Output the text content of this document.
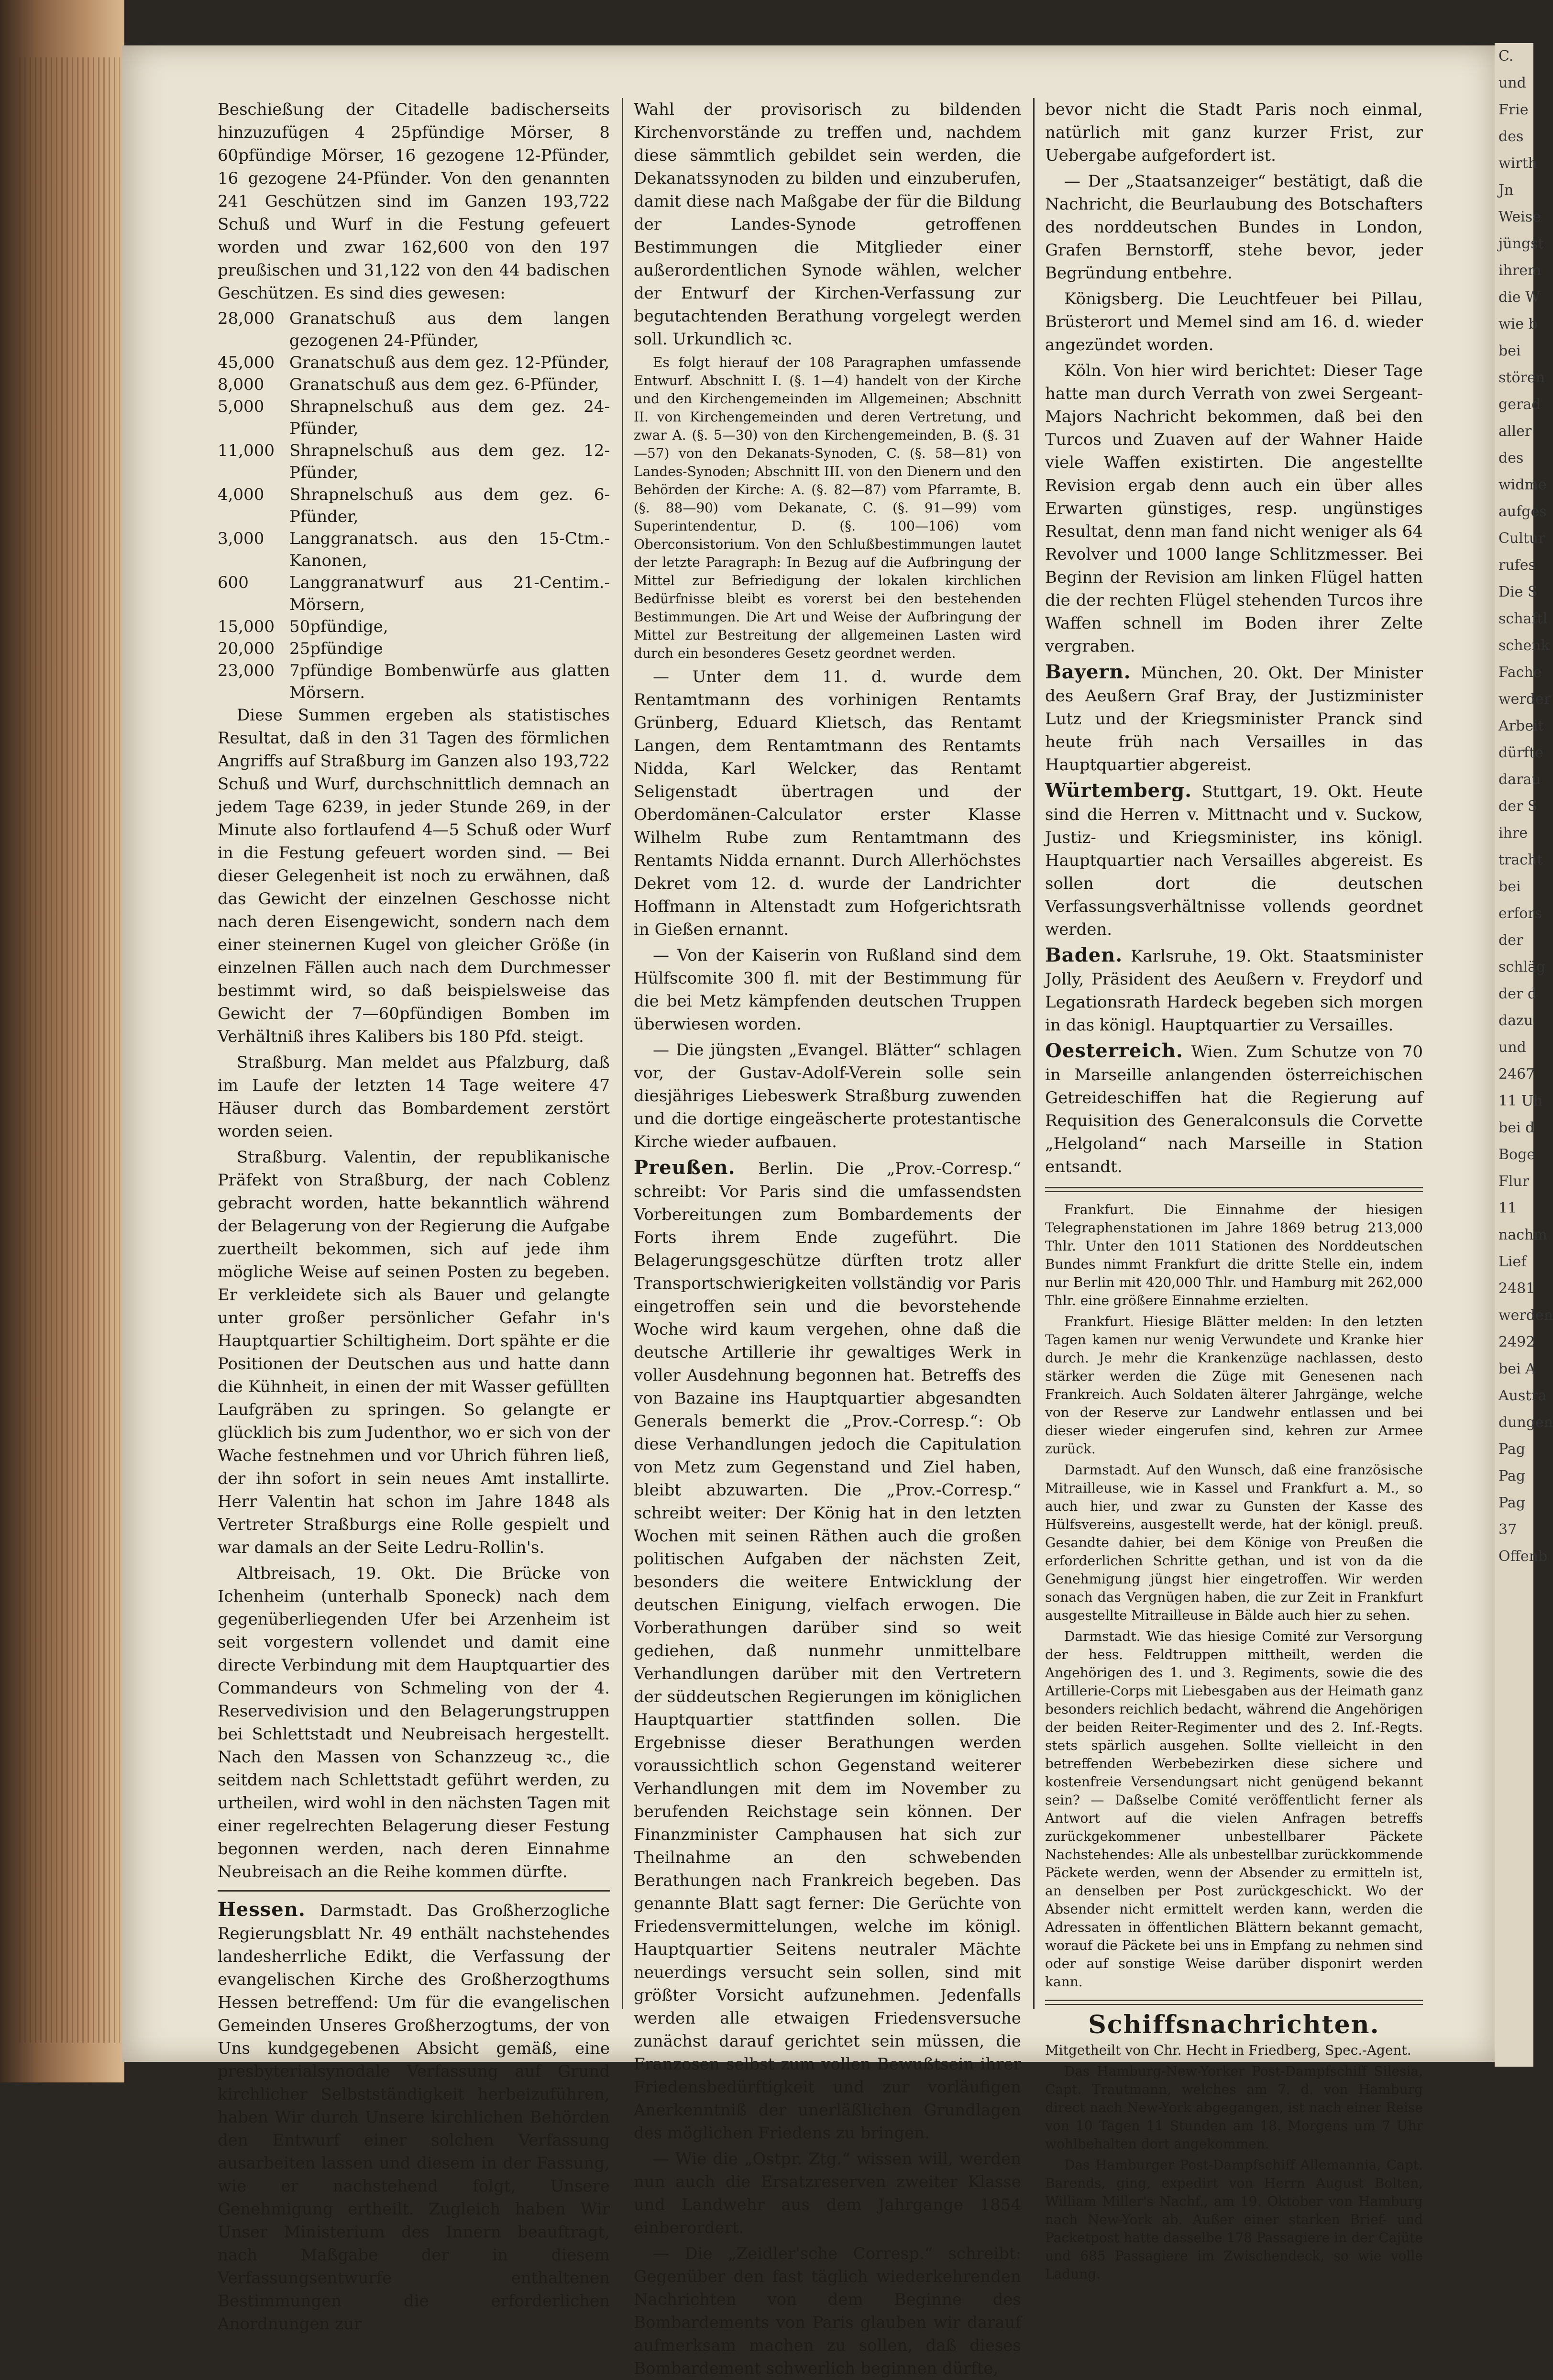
Beschießung der Citadelle badischerseits hinzuzufügen 4 25pfündige Mörser, 8 60pfündige Mörser, 16 gezogene 12-Pfünder, 16 gezogene 24-Pfünder. Von den genannten 241 Geschützen sind im Ganzen 193,722 Schuß und Wurf in die Festung gefeuert worden und zwar 162,600 von den 197 preußischen und 31,122 von den 44 badischen Geschützen. Es sind dies gewesen:

28,000 Granatschuß aus dem langen gezogenen 24-Pfünder,
45,000 Granatschuß aus dem gez. 12-Pfünder,
8,000	Granatschuß aus dem gez. 6-Pfünder,
5,000	Shrapnelschuß aus dem gez. 24-Pfünder,
11,000 Shrapnelschuß aus dem gez. 12-Pfünder,
4,000	Shrapnelschuß aus dem gez. 6-Pfünder,
3,000	Langgranatsch. aus den 15-Ctm.-Kanonen,
600	Langgranatwurf aus 21-Centim.-Mörsern,
15,000 50pfündige,
20,000 25pfündige
23,000 7pfündige Bombenwürfe aus glatten Mörsern.

Diese Summen ergeben als statistisches Resultat, daß in den 31 Tagen des förmlichen Angriffs auf Straßburg im Ganzen also 193,722 Schuß und Wurf, durchschnittlich demnach an jedem Tage 6239, in jeder Stunde 269, in der Minute also fortlaufend 4—5 Schuß oder Wurf in die Festung gefeuert worden sind. — Bei dieser Gelegenheit ist noch zu erwähnen, daß das Gewicht der einzelnen Geschosse nicht nach deren Eisengewicht, sondern nach dem einer steinernen Kugel von gleicher Größe (in einzelnen Fällen auch nach dem Durchmesser bestimmt wird, so daß beispielsweise das Gewicht der 7—60pfündigen Bomben im Verhältniß ihres Kalibers bis 180 Pfd. steigt.

Straßburg. Man meldet aus Pfalzburg, daß im Laufe der letzten 14 Tage weitere 47 Häuser durch das Bombardement zerstört worden seien.

Straßburg. Valentin, der republikanische Präfekt von Straßburg, der nach Coblenz gebracht worden, hatte bekanntlich während der Belagerung von der Regierung die Aufgabe zuertheilt bekommen, sich auf jede ihm mögliche Weise auf seinen Posten zu begeben. Er verkleidete sich als Bauer und gelangte unter großer persönlicher Gefahr in's Hauptquartier Schiltigheim. Dort spähte er die Positionen der Deutschen aus und hatte dann die Kühnheit, in einen der mit Wasser gefüllten Laufgräben zu springen. So gelangte er glücklich bis zum Judenthor, wo er sich von der Wache festnehmen und vor Uhrich führen ließ, der ihn sofort in sein neues Amt installirte. Herr Valentin hat schon im Jahre 1848 als Vertreter Straßburgs eine Rolle gespielt und war damals an der Seite Ledru-Rollin's.

Altbreisach, 19. Okt. Die Brücke von Ichenheim (unterhalb Sponeck) nach dem gegenüberliegenden Ufer bei Arzenheim ist seit vorgestern vollendet und damit eine directe Verbindung mit dem Hauptquartier des Commandeurs von Schmeling von der 4. Reservedivision und den Belagerungstruppen bei Schlettstadt und Neubreisach hergestellt. Nach den Massen von Schanzzeug ꝛc., die seitdem nach Schlettstadt geführt werden, zu urtheilen, wird wohl in den nächsten Tagen mit einer regelrechten Belagerung dieser Festung begonnen werden, nach deren Einnahme Neubreisach an die Reihe kommen dürfte.

Hessen. Darmstadt. Das Großherzogliche Regierungsblatt Nr. 49 enthält nachstehendes landesherrliche Edikt, die Verfassung der evangelischen Kirche des Großherzogthums Hessen betreffend: Um für die evangelischen Gemeinden Unseres Großherzogtums, der von Uns kundgegebenen Absicht gemäß, eine presbyterialsynodale Verfassung auf Grund kirchlicher Selbstständigkeit herbeizuführen, haben Wir durch Unsere kirchlichen Behörden den Entwurf einer solchen Verfassung ausarbeiten lassen und diesem in der Fassung, wie er nachstehend folgt, Unsere Genehmigung ertheilt. Zugleich haben Wir Unser Ministerium des Innern beauftragt, nach Maßgabe der in diesem Verfassungsentwurfe enthaltenen Bestimmungen die erforderlichen Anordnungen zur

Wahl der provisorisch zu bildenden Kirchenvorstände zu treffen und, nachdem diese sämmtlich gebildet sein werden, die Dekanatssynoden zu bilden und einzuberufen, damit diese nach Maßgabe der für die Bildung der Landes-Synode getroffenen Bestimmungen die Mitglieder einer außerordentlichen Synode wählen, welcher der Entwurf der Kirchen-Verfassung zur begutachtenden Berathung vorgelegt werden soll. Urkundlich ꝛc.

Es folgt hierauf der 108 Paragraphen umfassende Entwurf. Abschnitt I. (§. 1—4) handelt von der Kirche und den Kirchengemeinden im Allgemeinen; Abschnitt II. von Kirchengemeinden und deren Vertretung, und zwar A. (§. 5—30) von den Kirchengemeinden, B. (§. 31—57) von den Dekanats-Synoden, C. (§. 58—81) von Landes-Synoden; Abschnitt III. von den Dienern und den Behörden der Kirche: A. (§. 82—87) vom Pfarramte, B. (§. 88—90) vom Dekanate, C. (§. 91—99) vom Superintendentur, D. (§. 100—106) vom Oberconsistorium. Von den Schlußbestimmungen lautet der letzte Paragraph: In Bezug auf die Aufbringung der Mittel zur Befriedigung der lokalen kirchlichen Bedürfnisse bleibt es vorerst bei den bestehenden Bestimmungen. Die Art und Weise der Aufbringung der Mittel zur Bestreitung der allgemeinen Lasten wird durch ein besonderes Gesetz geordnet werden.

— Unter dem 11. d. wurde dem Rentamtmann des vorhinigen Rentamts Grünberg, Eduard Klietsch, das Rentamt Langen, dem Rentamtmann des Rentamts Nidda, Karl Welcker, das Rentamt Seligenstadt übertragen und der Oberdomänen-Calculator erster Klasse Wilhelm Rube zum Rentamtmann des Rentamts Nidda ernannt. Durch Allerhöchstes Dekret vom 12. d. wurde der Landrichter Hoffmann in Altenstadt zum Hofgerichtsrath in Gießen ernannt.

— Von der Kaiserin von Rußland sind dem Hülfscomite 300 fl. mit der Bestimmung für die bei Metz kämpfenden deutschen Truppen überwiesen worden.

— Die jüngsten „Evangel. Blätter“ schlagen vor, der Gustav-Adolf-Verein solle sein diesjähriges Liebeswerk Straßburg zuwenden und die dortige eingeäscherte protestantische Kirche wieder aufbauen.

Preußen. Berlin. Die „Prov.-Corresp.“ schreibt: Vor Paris sind die umfassendsten Vorbereitungen zum Bombardements der Forts ihrem Ende zugeführt. Die Belagerungsgeschütze dürften trotz aller Transportschwierigkeiten vollständig vor Paris eingetroffen sein und die bevorstehende Woche wird kaum vergehen, ohne daß die deutsche Artillerie ihr gewaltiges Werk in voller Ausdehnung begonnen hat. Betreffs des von Bazaine ins Hauptquartier abgesandten Generals bemerkt die „Prov.-Corresp.“: Ob diese Verhandlungen jedoch die Capitulation von Metz zum Gegenstand und Ziel haben, bleibt abzuwarten. Die „Prov.-Corresp.“ schreibt weiter: Der König hat in den letzten Wochen mit seinen Räthen auch die großen politischen Aufgaben der nächsten Zeit, besonders die weitere Entwicklung der deutschen Einigung, vielfach erwogen. Die Vorberathungen darüber sind so weit gediehen, daß nunmehr unmittelbare Verhandlungen darüber mit den Vertretern der süddeutschen Regierungen im königlichen Hauptquartier stattfinden sollen. Die Ergebnisse dieser Berathungen werden voraussichtlich schon Gegenstand weiterer Verhandlungen mit dem im November zu berufenden Reichstage sein können. Der Finanzminister Camphausen hat sich zur Theilnahme an den schwebenden Berathungen nach Frankreich begeben. Das genannte Blatt sagt ferner: Die Gerüchte von Friedensvermittelungen, welche im königl. Hauptquartier Seitens neutraler Mächte neuerdings versucht sein sollen, sind mit größter Vorsicht aufzunehmen. Jedenfalls werden alle etwaigen Friedensversuche zunächst darauf gerichtet sein müssen, die Franzosen selbst zum vollen Bewußtsein ihrer Friedensbedürftigkeit und zur vorläufigen Anerkenntniß der unerläßlichen Grundlagen des möglichen Friedens zu bringen.

— Wie die „Ostpr. Ztg.“ wissen will, werden nun auch die Ersatzreserven zweiter Klasse und Landwehr aus dem Jahrgange 1854 einberordert.

— Die „Zeidler'sche Corresp.“ schreibt: Gegenüber den fast täglich wiederkehrenden Nachrichten von dem Beginne des Bombardements von Paris glauben wir darauf aufmerksam machen zu sollen, daß dieses Bombardement schwerlich beginnen dürfte,

bevor nicht die Stadt Paris noch einmal, natürlich mit ganz kurzer Frist, zur Uebergabe aufgefordert ist.

— Der „Staatsanzeiger“ bestätigt, daß die Nachricht, die Beurlaubung des Botschafters des norddeutschen Bundes in London, Grafen Bernstorff, stehe bevor, jeder Begründung entbehre.

Königsberg. Die Leuchtfeuer bei Pillau, Brüsterort und Memel sind am 16. d. wieder angezündet worden.

Köln. Von hier wird berichtet: Dieser Tage hatte man durch Verrath von zwei Sergeant-Majors Nachricht bekommen, daß bei den Turcos und Zuaven auf der Wahner Haide viele Waffen existirten. Die angestellte Revision ergab denn auch ein über alles Erwarten günstiges, resp. ungünstiges Resultat, denn man fand nicht weniger als 64 Revolver und 1000 lange Schlitzmesser. Bei Beginn der Revision am linken Flügel hatten die der rechten Flügel stehenden Turcos ihre Waffen schnell im Boden ihrer Zelte vergraben.

Bayern. München, 20. Okt. Der Minister des Aeußern Graf Bray, der Justizminister Lutz und der Kriegsminister Pranck sind heute früh nach Versailles in das Hauptquartier abgereist.

Würtemberg. Stuttgart, 19. Okt. Heute sind die Herren v. Mittnacht und v. Suckow, Justiz- und Kriegsminister, ins königl. Hauptquartier nach Versailles abgereist. Es sollen dort die deutschen Verfassungsverhältnisse vollends geordnet werden.

Baden. Karlsruhe, 19. Okt. Staatsminister Jolly, Präsident des Aeußern v. Freydorf und Legationsrath Hardeck begeben sich morgen in das königl. Hauptquartier zu Versailles.

Oesterreich. Wien. Zum Schutze von 70 in Marseille anlangenden österreichischen Getreideschiffen hat die Regierung auf Requisition des Generalconsuls die Corvette „Helgoland“ nach Marseille in Station entsandt.

Frankfurt. Die Einnahme der hiesigen Telegraphenstationen im Jahre 1869 betrug 213,000 Thlr. Unter den 1011 Stationen des Norddeutschen Bundes nimmt Frankfurt die dritte Stelle ein, indem nur Berlin mit 420,000 Thlr. und Hamburg mit 262,000 Thlr. eine größere Einnahme erzielten.

Frankfurt. Hiesige Blätter melden: In den letzten Tagen kamen nur wenig Verwundete und Kranke hier durch. Je mehr die Krankenzüge nachlassen, desto stärker werden die Züge mit Genesenen nach Frankreich. Auch Soldaten älterer Jahrgänge, welche von der Reserve zur Landwehr entlassen und bei dieser wieder eingerufen sind, kehren zur Armee zurück.

Darmstadt. Auf den Wunsch, daß eine französische Mitrailleuse, wie in Kassel und Frankfurt a. M., so auch hier, und zwar zu Gunsten der Kasse des Hülfsvereins, ausgestellt werde, hat der königl. preuß. Gesandte dahier, bei dem Könige von Preußen die erforderlichen Schritte gethan, und ist von da die Genehmigung jüngst hier eingetroffen. Wir werden sonach das Vergnügen haben, die zur Zeit in Frankfurt ausgestellte Mitrailleuse in Bälde auch hier zu sehen.

Darmstadt. Wie das hiesige Comité zur Versorgung der hess. Feldtruppen mittheilt, werden die Angehörigen des 1. und 3. Regiments, sowie die des Artillerie-Corps mit Liebesgaben aus der Heimath ganz besonders reichlich bedacht, während die Angehörigen der beiden Reiter-Regimenter und des 2. Inf.-Regts. stets spärlich ausgehen. Sollte vielleicht in den betreffenden Werbebezirken diese sichere und kostenfreie Versendungsart nicht genügend bekannt sein? — Daßselbe Comité veröffentlicht ferner als Antwort auf die vielen Anfragen betreffs zurückgekommener unbestellbarer Päckete Nachstehendes: Alle als unbestellbar zurückkommende Päckete werden, wenn der Absender zu ermitteln ist, an denselben per Post zurückgeschickt. Wo der Absender nicht ermittelt werden kann, werden die Adressaten in öffentlichen Blättern bekannt gemacht, worauf die Päckete bei uns in Empfang zu nehmen sind oder auf sonstige Weise darüber disponirt werden kann.

Schiffsnachrichten.

Mitgetheilt von Chr. Hecht in Friedberg, Spec.-Agent.

Das Hamburg-New-Yorker Post-Dampfschiff Silesia, Capt. Trautmann, welches am 7. d. von Hamburg direct nach New-York abgegangen, ist nach einer Reise von 10 Tagen 11 Stunden am 18. Morgens um 7 Uhr wohlbehalten dort angekommen.

Das Hamburger Post-Dampfschiff Allemannia, Capt. Barends, ging, expedirt von Herrn August Bolten, William Miller's Nachf., am 19. Oktober von Hamburg nach New-York ab. Außer einer starken Brief- und Packetpost hatte dasselbe 178 Passagiere in der Cajüte und 685 Passagiere im Zwischendeck, so wie volle Ladung.

C.
und
Frie
des
wirth
Jn
Weise
jüngst
ihrem
die W
wie b
bei
stören
gerad
aller
des
widme
aufges
Cultur
rufes
Die S
schaftl
schenk
Fache
werder
Arbeit
dürfte
darau
der S
ihre
tracht
bei
erfors
der
schläg
der d
dazu
und
2467
11 Uh
bei d
Boge
Flur
11
nachm
Lief
2481
werden
2492
bei A
Austra
dungen
Pag
Pag
Pag
37
Offenb
